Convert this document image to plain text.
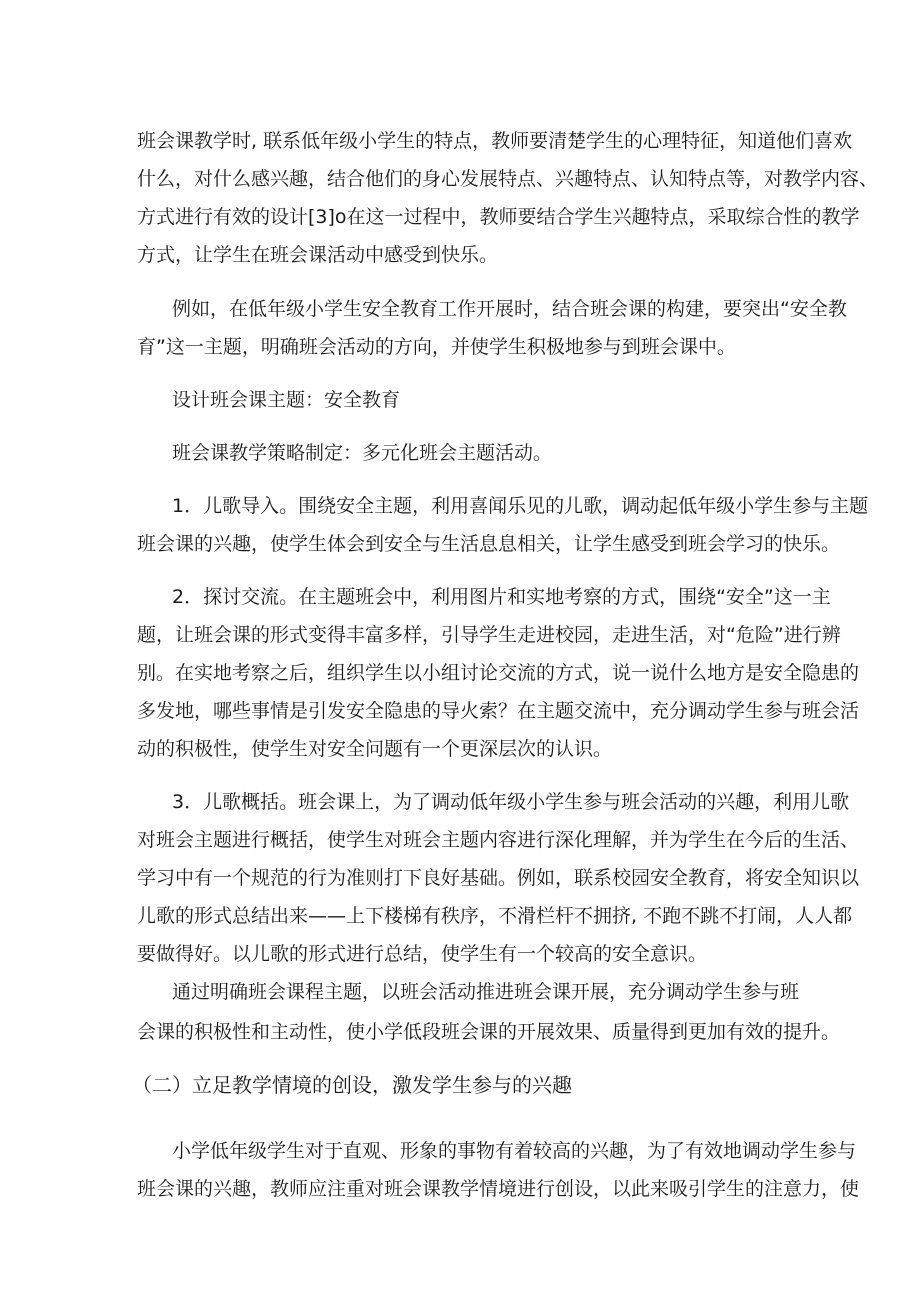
班会课教学时, 联系低年级小学生的特点，教师要清楚学生的心理特征，知道他们喜欢

什么，对什么感兴趣，结合他们的身心发展特点、兴趣特点、认知特点等，对教学内容、

方式进行有效的设计[3]o在这一过程中，教师要结合学生兴趣特点，采取综合性的教学

方式，让学生在班会课活动中感受到快乐。

例如，在低年级小学生安全教育工作开展时，结合班会课的构建，要突出“安全教

育”这一主题，明确班会活动的方向，并使学生积极地参与到班会课中。

设计班会课主题：安全教育

班会课教学策略制定：多元化班会主题活动。

1．儿歌导入。围绕安全主题，利用喜闻乐见的儿歌，调动起低年级小学生参与主题

班会课的兴趣，使学生体会到安全与生活息息相关，让学生感受到班会学习的快乐。

2．探讨交流。在主题班会中，利用图片和实地考察的方式，围绕“安全”这一主

题，让班会课的形式变得丰富多样，引导学生走进校园，走进生活，对“危险”进行辨

别。在实地考察之后，组织学生以小组讨论交流的方式，说一说什么地方是安全隐患的

多发地，哪些事情是引发安全隐患的导火索？在主题交流中，充分调动学生参与班会活

动的积极性，使学生对安全问题有一个更深层次的认识。

3．儿歌概括。班会课上，为了调动低年级小学生参与班会活动的兴趣，利用儿歌

对班会主题进行概括，使学生对班会主题内容进行深化理解，并为学生在今后的生活、

学习中有一个规范的行为准则打下良好基础。例如，联系校园安全教育，将安全知识以

儿歌的形式总结出来——上下楼梯有秩序，不滑栏杆不拥挤, 不跑不跳不打闹，人人都

要做得好。以儿歌的形式进行总结，使学生有一个较高的安全意识。

通过明确班会课程主题，以班会活动推进班会课开展，充分调动学生参与班

会课的积极性和主动性，使小学低段班会课的开展效果、质量得到更加有效的提升。

（二）立足教学情境的创设，激发学生参与的兴趣

小学低年级学生对于直观、形象的事物有着较高的兴趣，为了有效地调动学生参与

班会课的兴趣，教师应注重对班会课教学情境进行创设，以此来吸引学生的注意力，使
